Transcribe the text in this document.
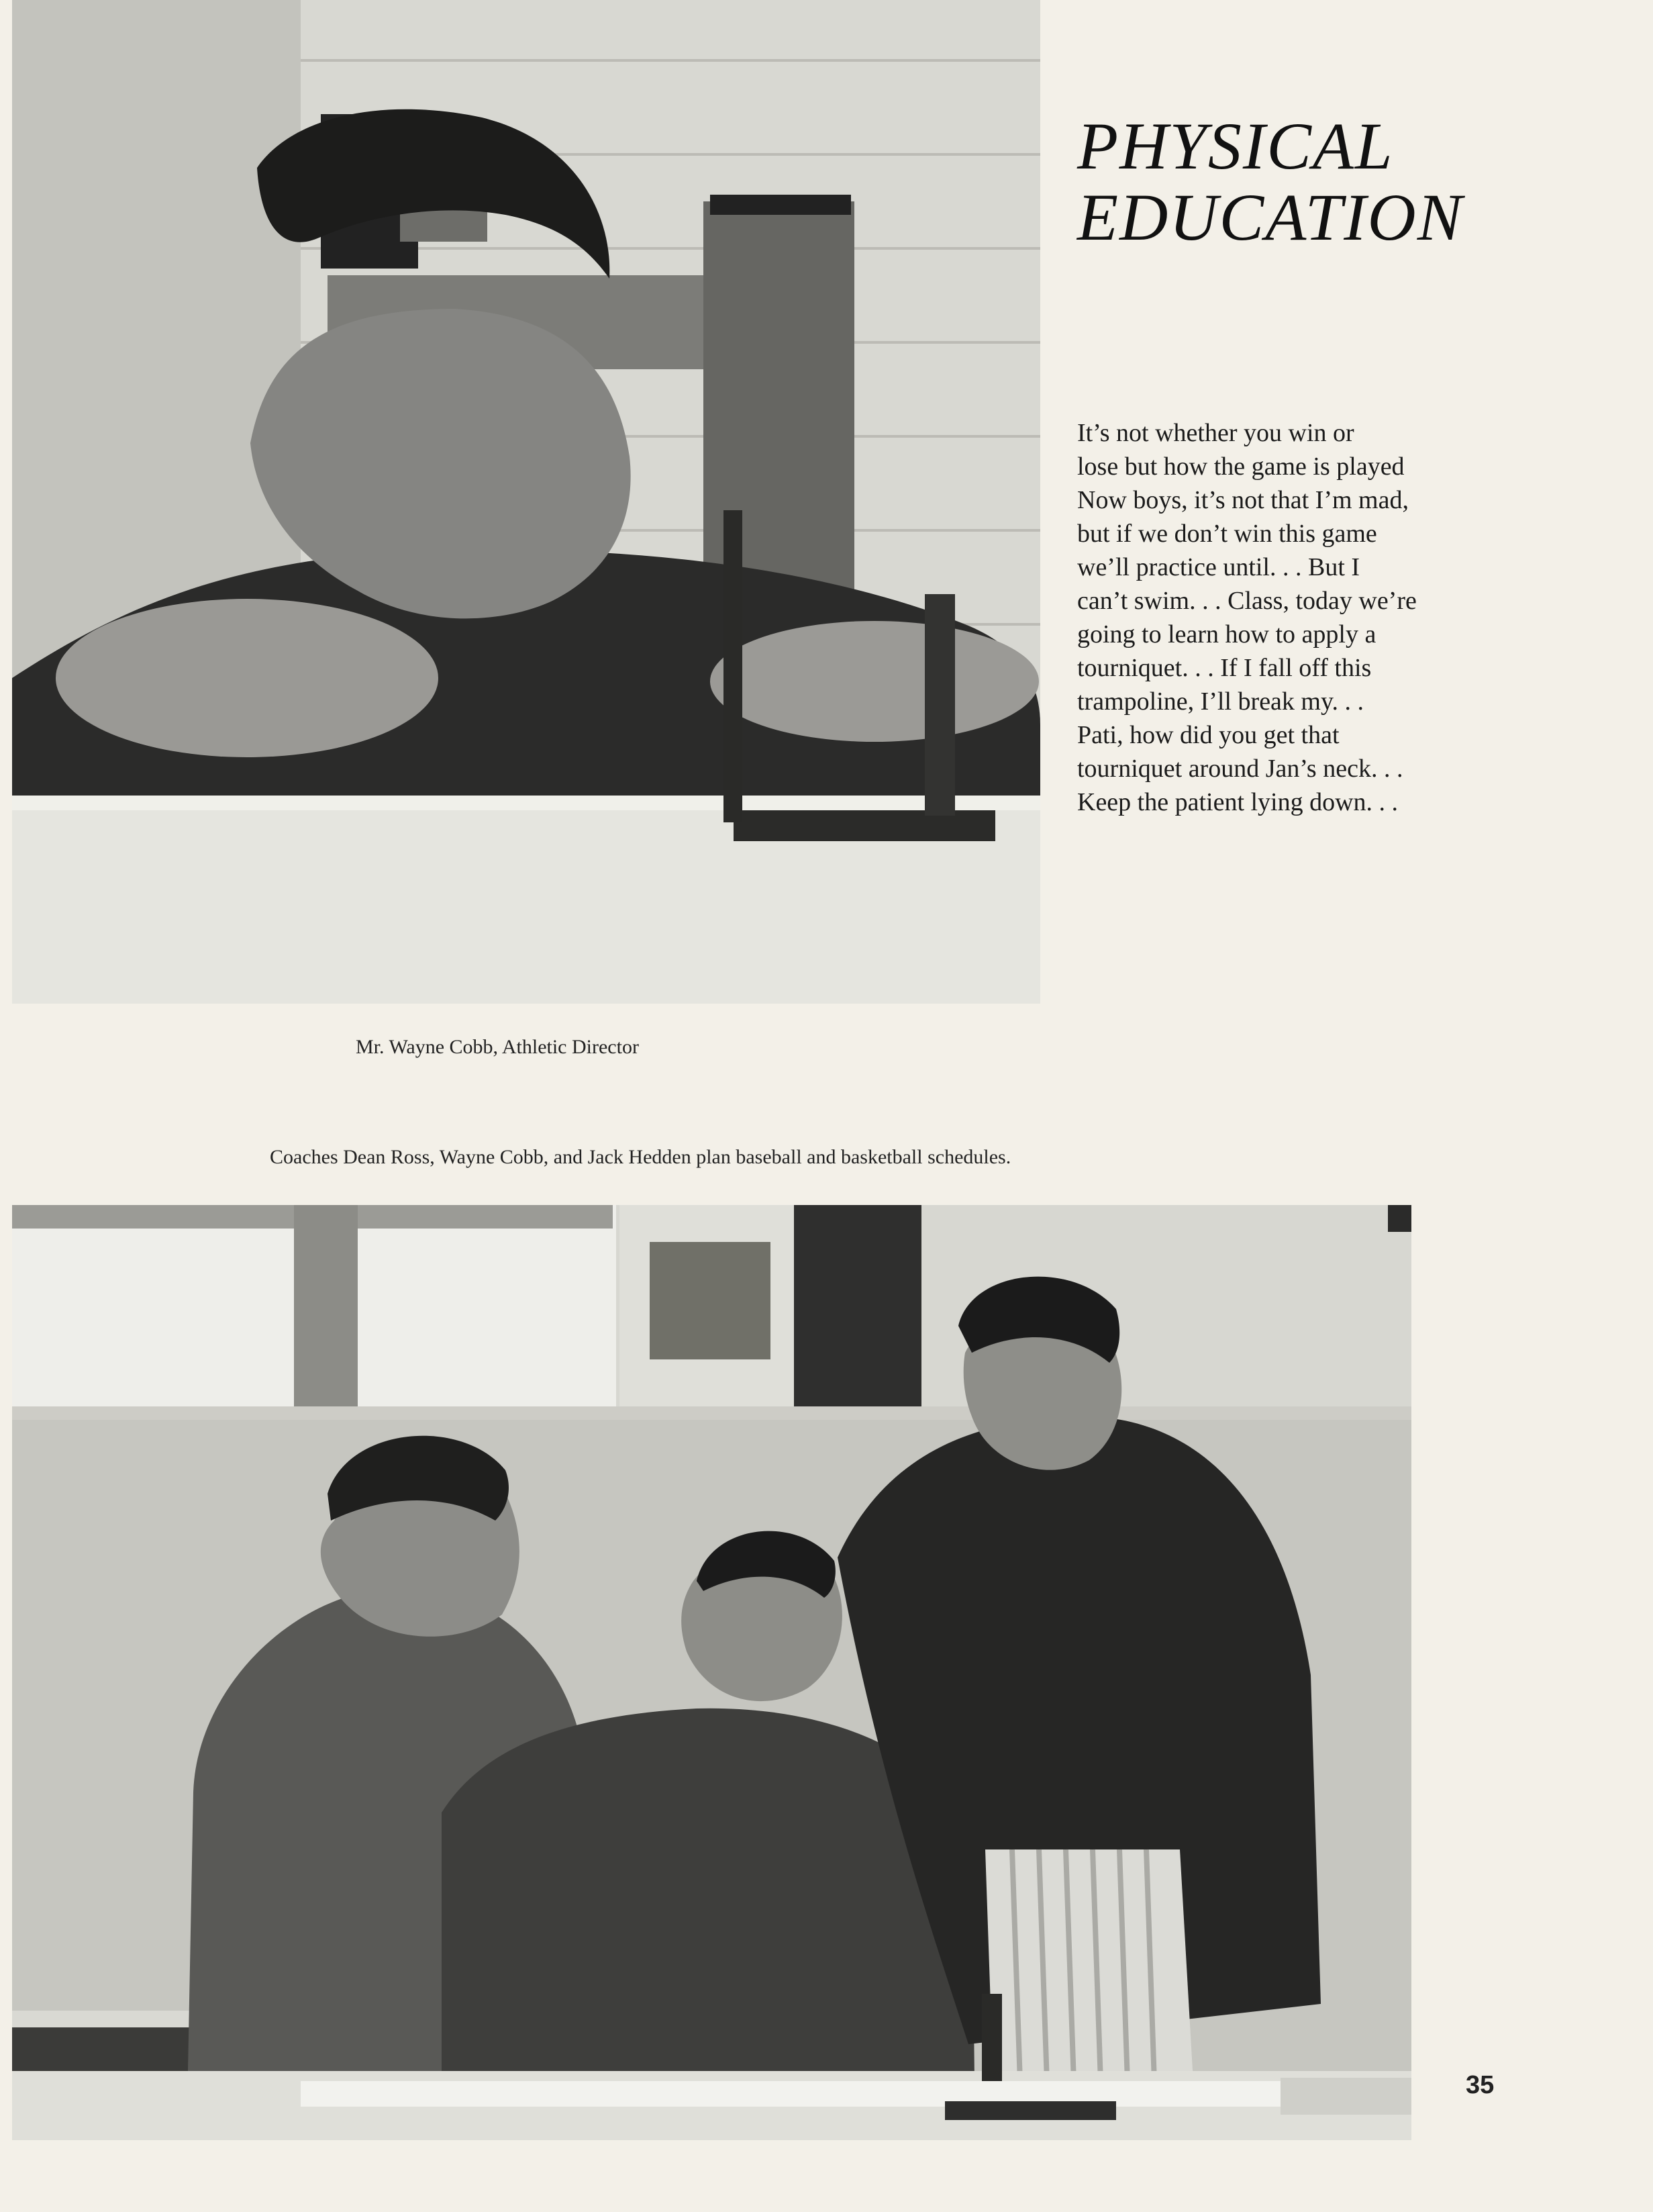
PHYSICAL
EDUCATION

It’s not whether you win or
lose but how the game is played
Now boys, it’s not that I’m mad,
but if we don’t win this game
we’ll practice until. . . But I
can’t swim. . . Class, today we’re
going to learn how to apply a
tourniquet. . . If I fall off this
trampoline, I’ll break my. . .
Pati, how did you get that
tourniquet around Jan’s neck. . .
Keep the patient lying down. . .

Mr. Wayne Cobb, Athletic Director
Coaches Dean Ross, Wayne Cobb, and Jack Hedden plan baseball and basketball schedules.
35
